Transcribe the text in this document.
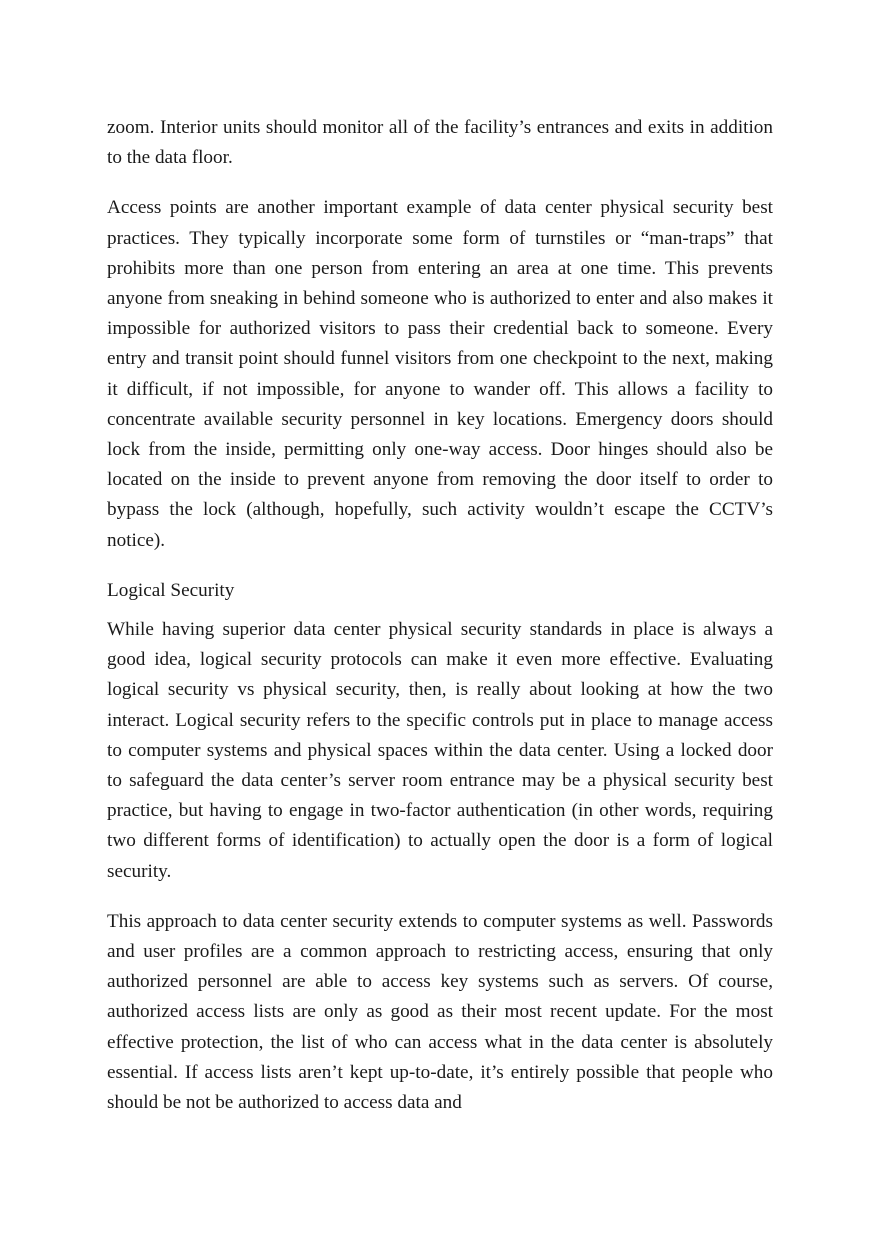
zoom. Interior units should monitor all of the facility’s entrances and exits in addition to the data floor.

Access points are another important example of data center physical security best practices. They typically incorporate some form of turnstiles or “man-traps” that prohibits more than one person from entering an area at one time. This prevents anyone from sneaking in behind someone who is authorized to enter and also makes it impossible for authorized visitors to pass their credential back to someone. Every entry and transit point should funnel visitors from one checkpoint to the next, making it difficult, if not impossible, for anyone to wander off. This allows a facility to concentrate available security personnel in key locations. Emergency doors should lock from the inside, permitting only one-way access. Door hinges should also be located on the inside to prevent anyone from removing the door itself to order to bypass the lock (although, hopefully, such activity wouldn’t escape the CCTV’s notice).

Logical Security

While having superior data center physical security standards in place is always a good idea, logical security protocols can make it even more effective. Evaluating logical security vs physical security, then, is really about looking at how the two interact. Logical security refers to the specific controls put in place to manage access to computer systems and physical spaces within the data center. Using a locked door to safeguard the data center’s server room entrance may be a physical security best practice, but having to engage in two-factor authentication (in other words, requiring two different forms of identification) to actually open the door is a form of logical security.

This approach to data center security extends to computer systems as well. Passwords and user profiles are a common approach to restricting access, ensuring that only authorized personnel are able to access key systems such as servers. Of course, authorized access lists are only as good as their most recent update. For the most effective protection, the list of who can access what in the data center is absolutely essential. If access lists aren’t kept up-to-date, it’s entirely possible that people who should be not be authorized to access data and
